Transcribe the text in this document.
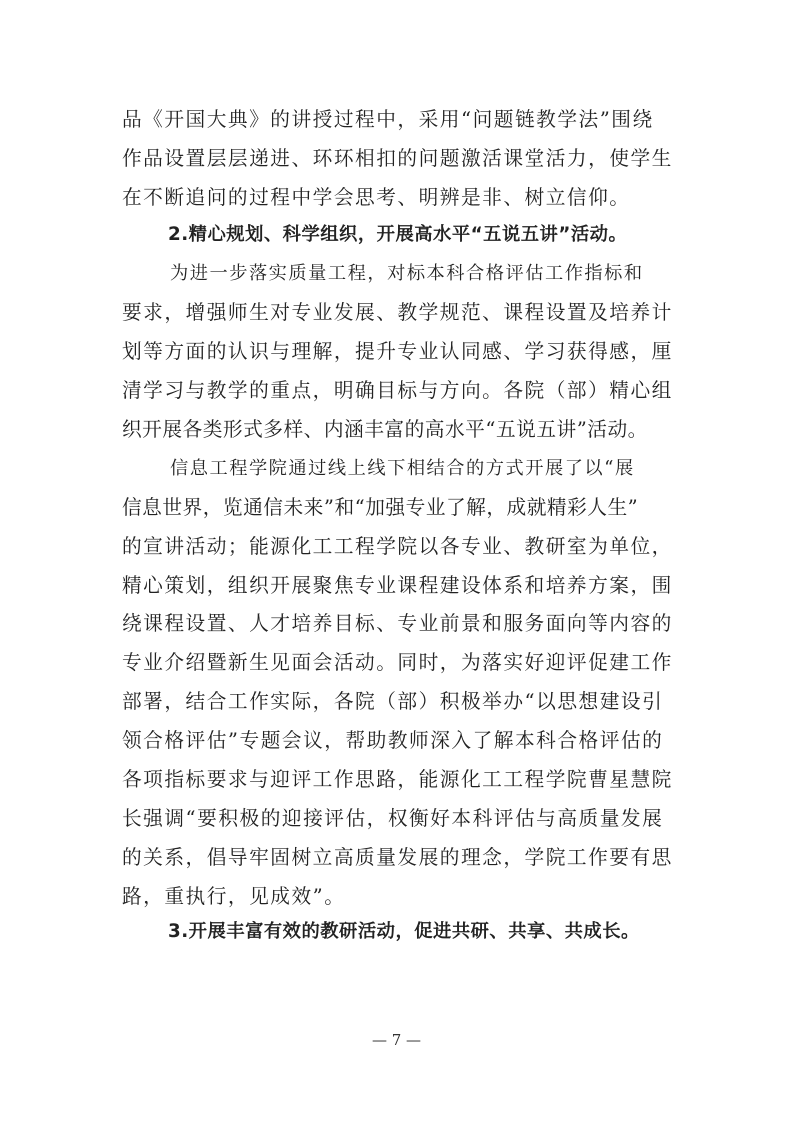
品《开国大典》的讲授过程中，采用“问题链教学法”围绕
作品设置层层递进、环环相扣的问题激活课堂活力，使学生
在不断追问的过程中学会思考、明辨是非、树立信仰。
2.精心规划、科学组织，开展高水平“五说五讲”活动。
为进一步落实质量工程，对标本科合格评估工作指标和
要求，增强师生对专业发展、教学规范、课程设置及培养计
划等方面的认识与理解，提升专业认同感、学习获得感，厘
清学习与教学的重点，明确目标与方向。各院（部）精心组
织开展各类形式多样、内涵丰富的高水平“五说五讲”活动。
信息工程学院通过线上线下相结合的方式开展了以“展
信息世界，览通信未来”和“加强专业了解，成就精彩人生”
的宣讲活动；能源化工工程学院以各专业、教研室为单位，
精心策划，组织开展聚焦专业课程建设体系和培养方案，围
绕课程设置、人才培养目标、专业前景和服务面向等内容的
专业介绍暨新生见面会活动。同时，为落实好迎评促建工作
部署，结合工作实际，各院（部）积极举办“以思想建设引
领合格评估”专题会议，帮助教师深入了解本科合格评估的
各项指标要求与迎评工作思路，能源化工工程学院曹星慧院
长强调“要积极的迎接评估，权衡好本科评估与高质量发展
的关系，倡导牢固树立高质量发展的理念，学院工作要有思
路，重执行，见成效”。
3.开展丰富有效的教研活动，促进共研、共享、共成长。
— 7 —
